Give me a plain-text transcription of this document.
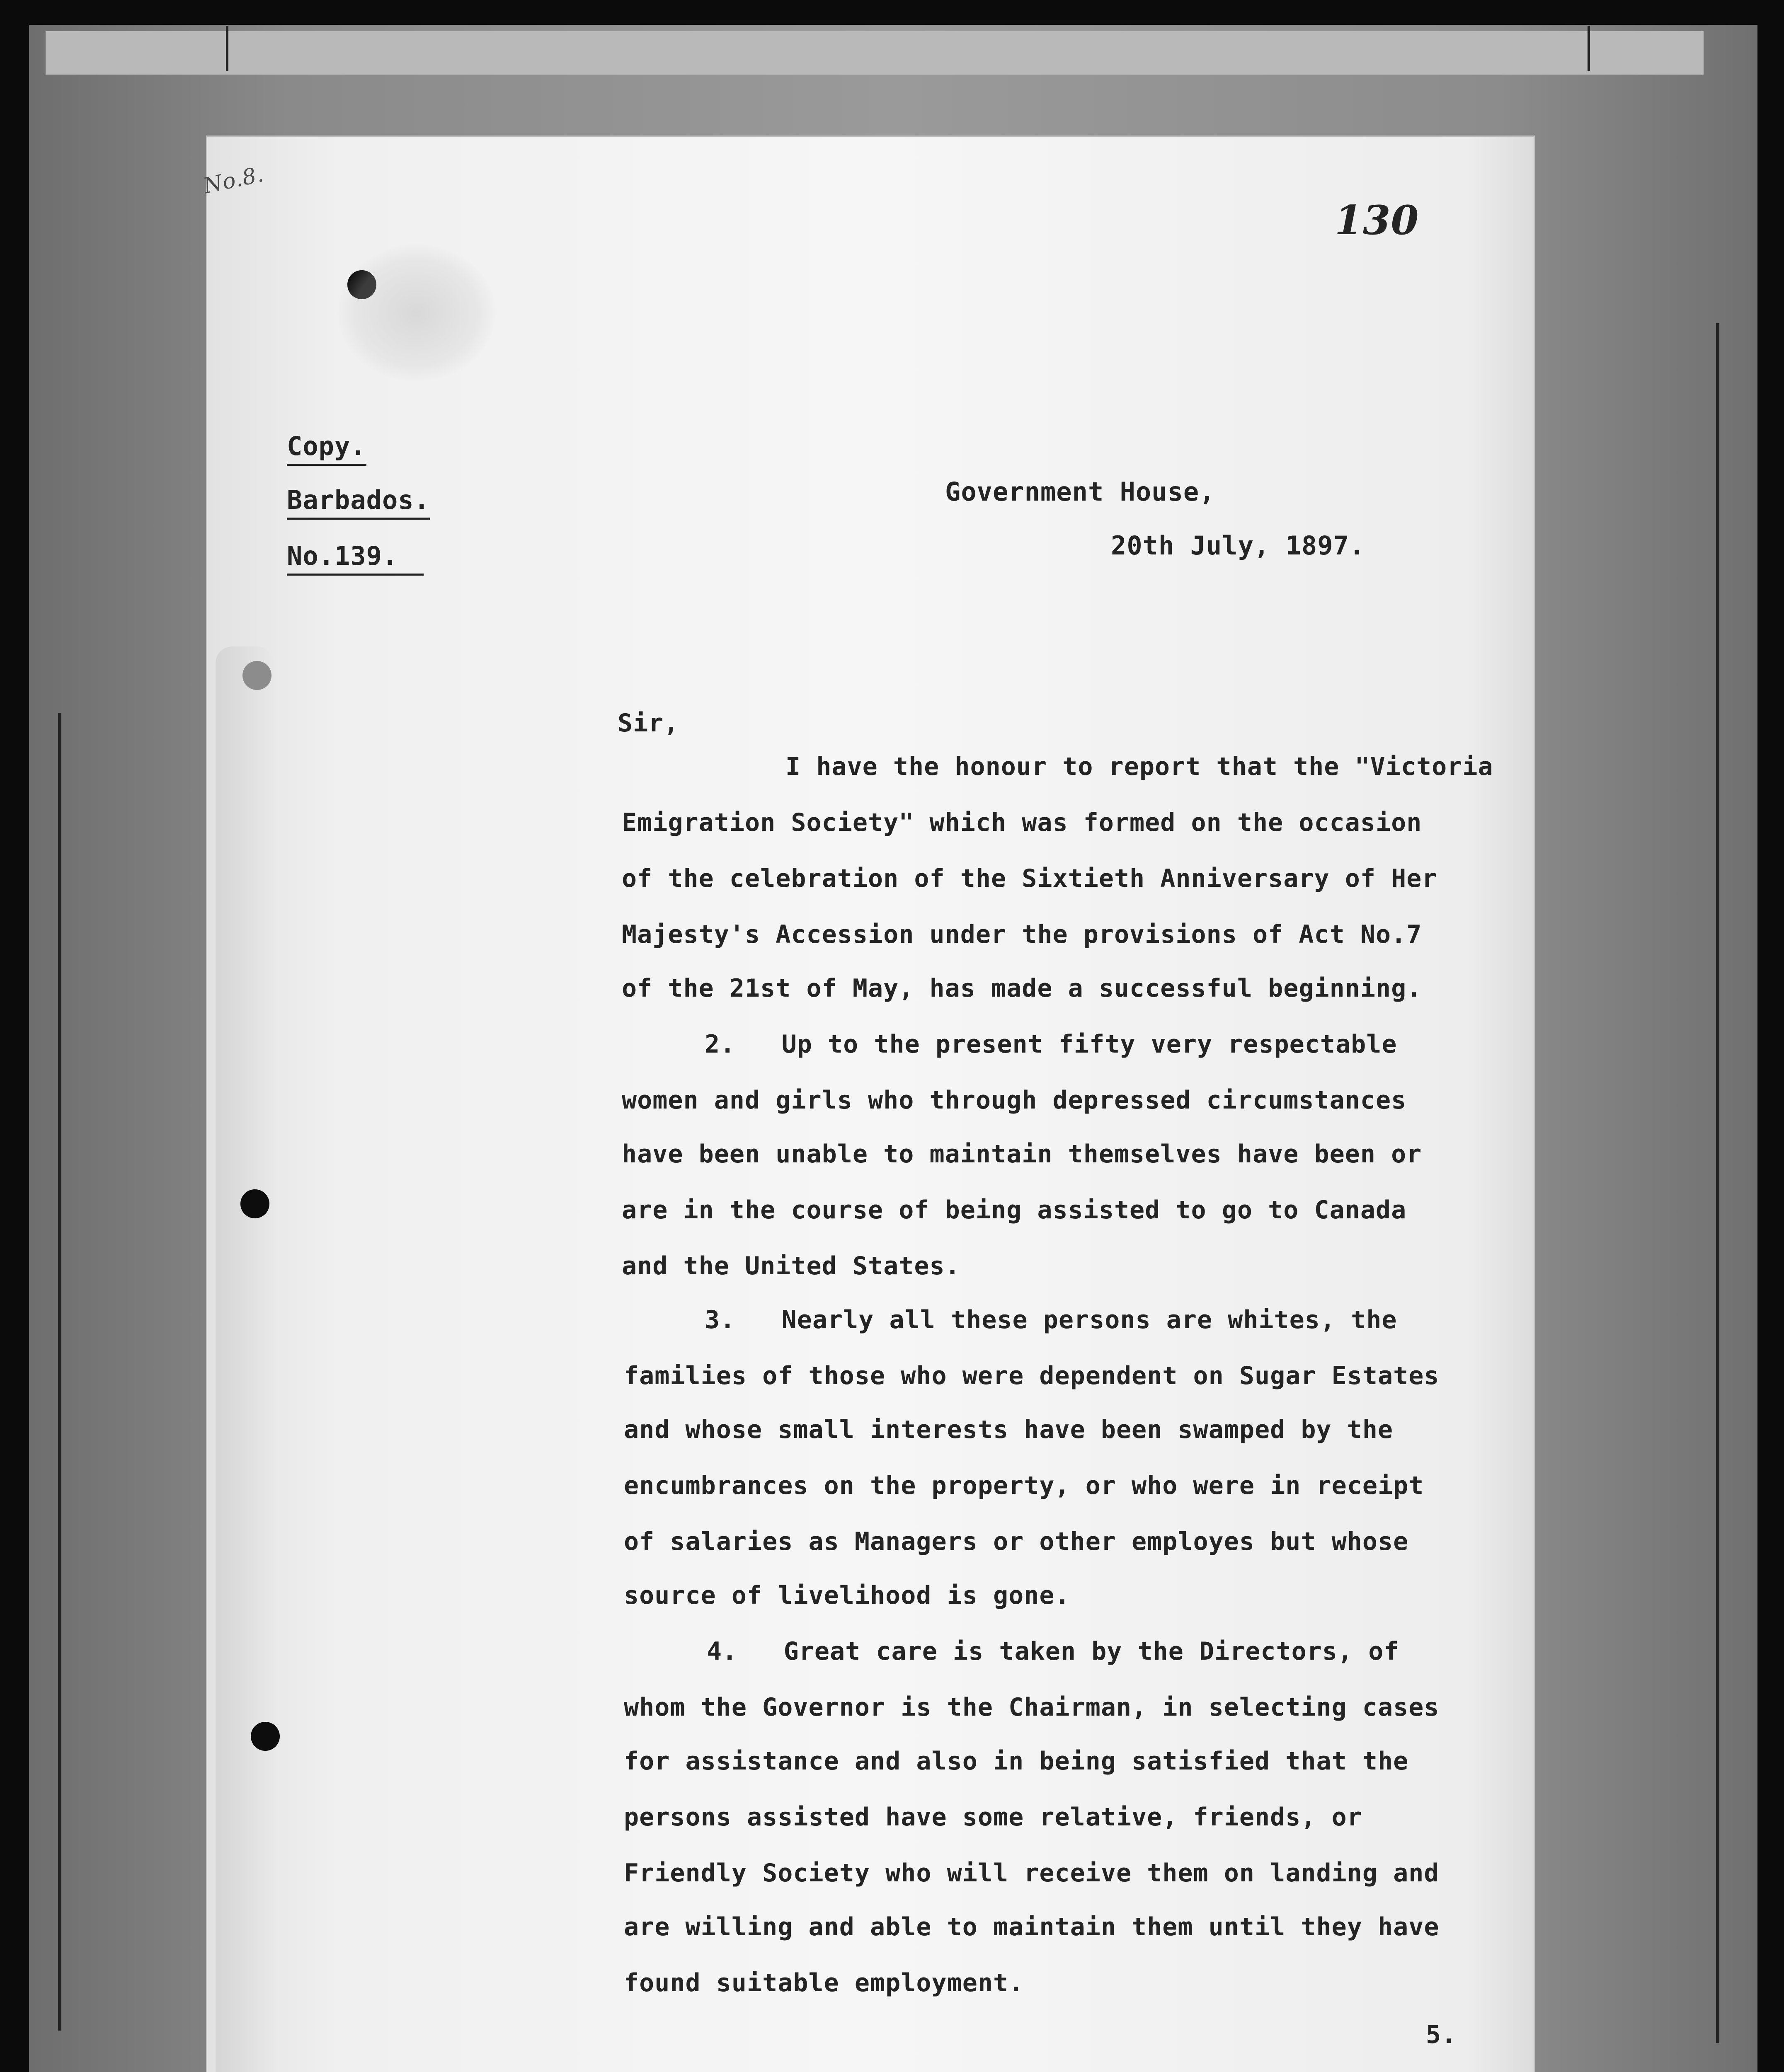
No.8.
130
Copy.
Barbados.
No.139.
Government House,
20th July, 1897.
Sir,
I have the honour to report that the "Victoria
Emigration Society" which was formed on the occasion
of the celebration of the Sixtieth Anniversary of Her
Majesty's Accession under the provisions of Act No.7
of the 21st of May, has made a successful beginning.
2.   Up to the present fifty very respectable
women and girls who through depressed circumstances
have been unable to maintain themselves have been or
are in the course of being assisted to go to Canada
and the United States.
3.   Nearly all these persons are whites, the
families of those who were dependent on Sugar Estates
and whose small interests have been swamped by the
encumbrances on the property, or who were in receipt
of salaries as Managers or other employes but whose
source of livelihood is gone.
4.   Great care is taken by the Directors, of
whom the Governor is the Chairman, in selecting cases
for assistance and also in being satisfied that the
persons assisted have some relative, friends, or
Friendly Society who will receive them on landing and
are willing and able to maintain them until they have
found suitable employment.
5.
